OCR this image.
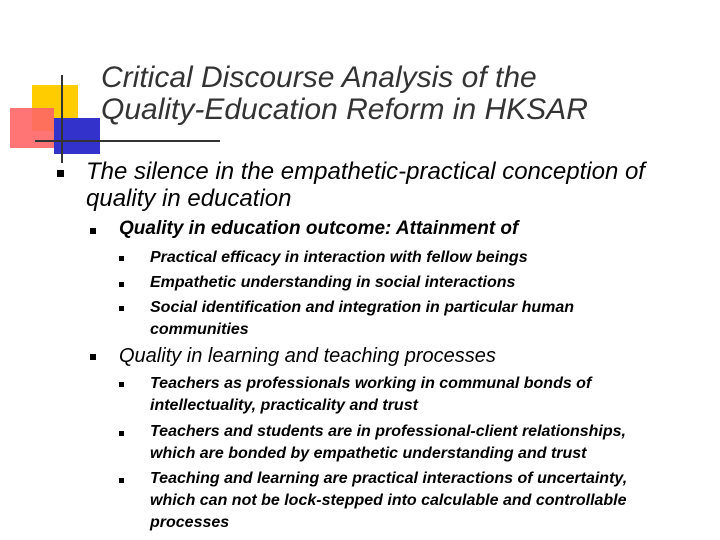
Critical Discourse Analysis of the
Quality-Education Reform in HKSAR
The silence in the empathetic-practical conception of
quality in education
Quality in education outcome: Attainment of
Practical efficacy in interaction with fellow beings
Empathetic understanding in social interactions
Social identification and integration in particular human
communities
Quality in learning and teaching processes
Teachers as professionals working in communal bonds of
intellectuality, practicality and trust
Teachers and students are in professional-client relationships,
which are bonded by empathetic understanding and trust
Teaching and learning are practical interactions of uncertainty,
which can not be lock-stepped into calculable and controllable
processes
